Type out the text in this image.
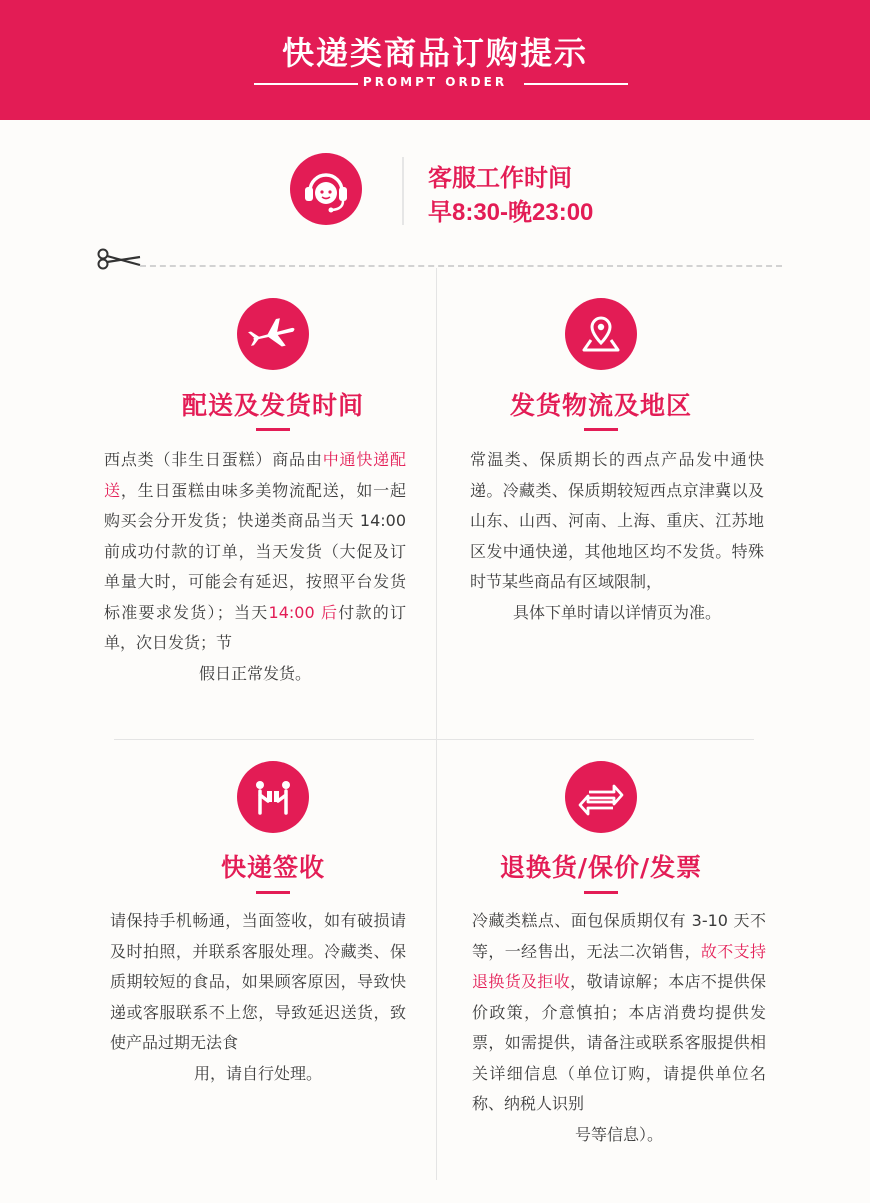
快递类商品订购提示
PROMPT ORDER
客服工作时间
早8:30-晚23:00
配送及发货时间
西点类（非生日蛋糕）商品由中通快递配送，生日蛋糕由味多美物流配送，如一起购买会分开发货；快递类商品当天 14:00 前成功付款的订单，当天发货（大促及订单量大时，可能会有延迟，按照平台发货标准要求发货）；当天14:00 后付款的订单，次日发货；节
假日正常发货。
发货物流及地区
常温类、保质期长的西点产品发中通快递。冷藏类、保质期较短西点京津冀以及山东、山西、河南、上海、重庆、江苏地区发中通快递，其他地区均不发货。特殊时节某些商品有区域限制，
具体下单时请以详情页为准。
快递签收
请保持手机畅通，当面签收，如有破损请及时拍照，并联系客服处理。冷藏类、保质期较短的食品，如果顾客原因，导致快递或客服联系不上您，导致延迟送货，致使产品过期无法食
用，请自行处理。
退换货/保价/发票
冷藏类糕点、面包保质期仅有 3-10 天不等，一经售出，无法二次销售，故不支持退换货及拒收，敬请谅解；本店不提供保价政策，介意慎拍；本店消费均提供发票，如需提供，请备注或联系客服提供相关详细信息（单位订购，请提供单位名称、纳税人识别
号等信息）。
